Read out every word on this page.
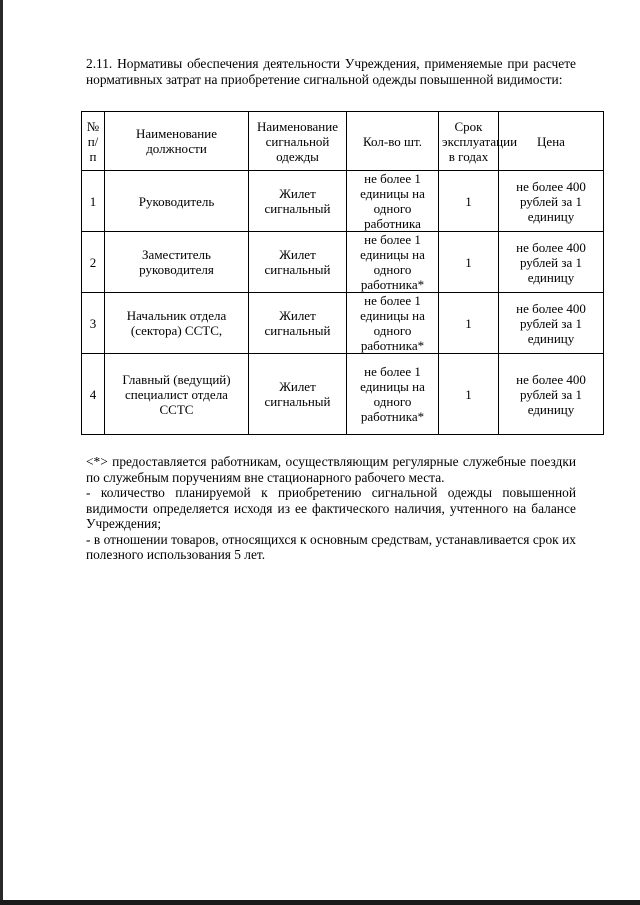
2.11. Нормативы обеспечения деятельности Учреждения, применяемые при расчете нормативных затрат на приобретение сигнальной одежды повышенной видимости:
№ п/п	Наименование должности	Наименование сигнальной одежды	Кол-во шт.	Срок эксплуатации в годах	Цена
1	Руководитель	Жилет сигнальный	не более 1 единицы на одного работника	1	не более 400 рублей за 1 единицу
2	Заместитель руководителя	Жилет сигнальный	не более 1 единицы на одного работника*	1	не более 400 рублей за 1 единицу
3	Начальник отдела (сектора) ССТС,	Жилет сигнальный	не более 1 единицы на одного работника*	1	не более 400 рублей за 1 единицу
4	Главный (ведущий) специалист отдела ССТС	Жилет сигнальный	не более 1 единицы на одного работника*	1	не более 400 рублей за 1 единицу

<*> предоставляется работникам, осуществляющим регулярные служебные поездки по служебным поручениям вне стационарного рабочего места.

- количество планируемой к приобретению сигнальной одежды повышенной видимости определяется исходя из ее фактического наличия, учтенного на балансе Учреждения;

- в отношении товаров, относящихся к основным средствам, устанавливается срок их полезного использования 5 лет.
